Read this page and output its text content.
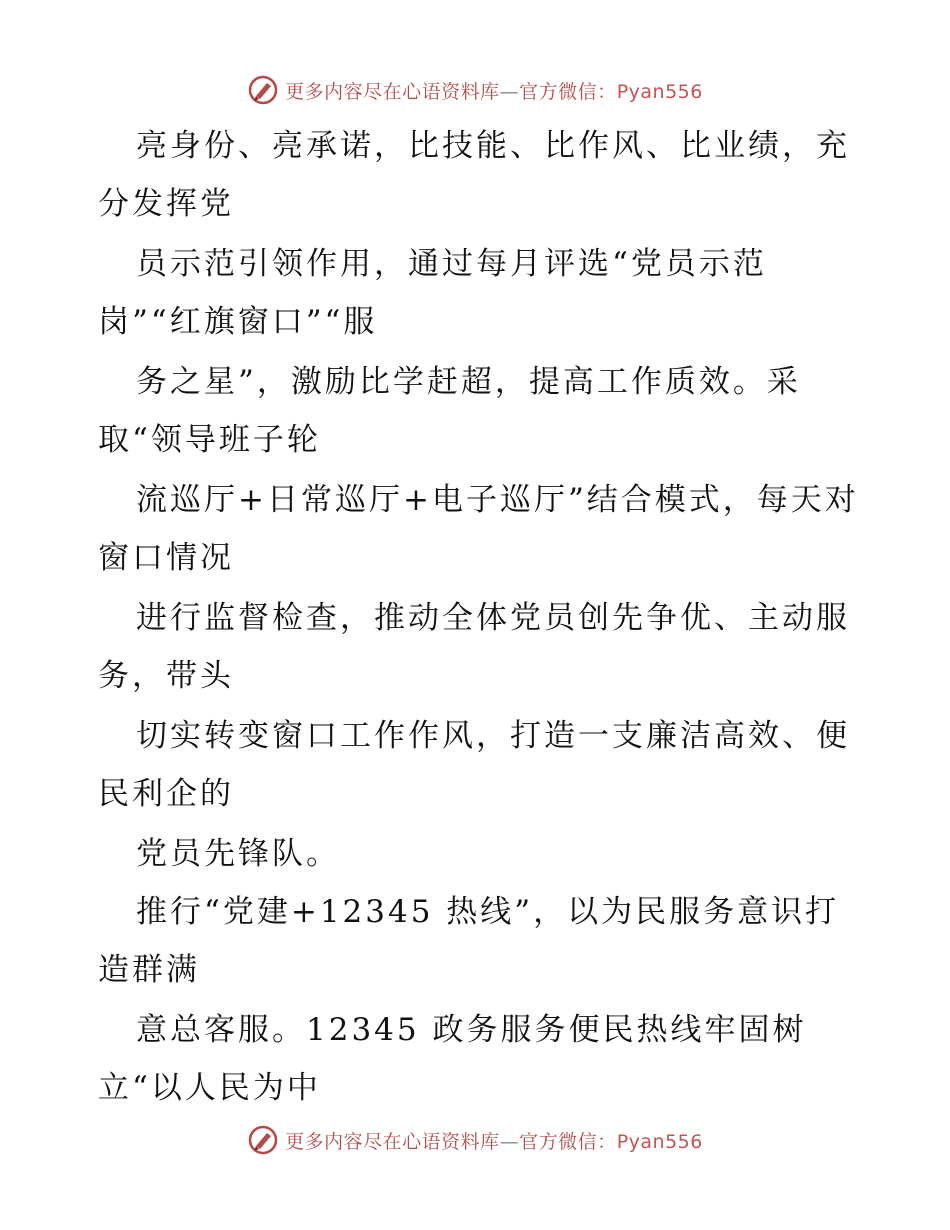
更多内容尽在心语资料库—官方微信：Pyan556
亮身份、亮承诺，比技能、比作风、比业绩，充
分发挥党
员示范引领作用，通过每月评选“党员示范
岗”“红旗窗口”“服
务之星”，激励比学赶超，提高工作质效。采
取“领导班子轮
流巡厅+日常巡厅+电子巡厅”结合模式，每天对
窗口情况
进行监督检查，推动全体党员创先争优、主动服
务，带头
切实转变窗口工作作风，打造一支廉洁高效、便
民利企的
党员先锋队。
推行“党建+12345 热线”，以为民服务意识打
造群满
意总客服。12345 政务服务便民热线牢固树
立“以人民为中
更多内容尽在心语资料库—官方微信：Pyan556
